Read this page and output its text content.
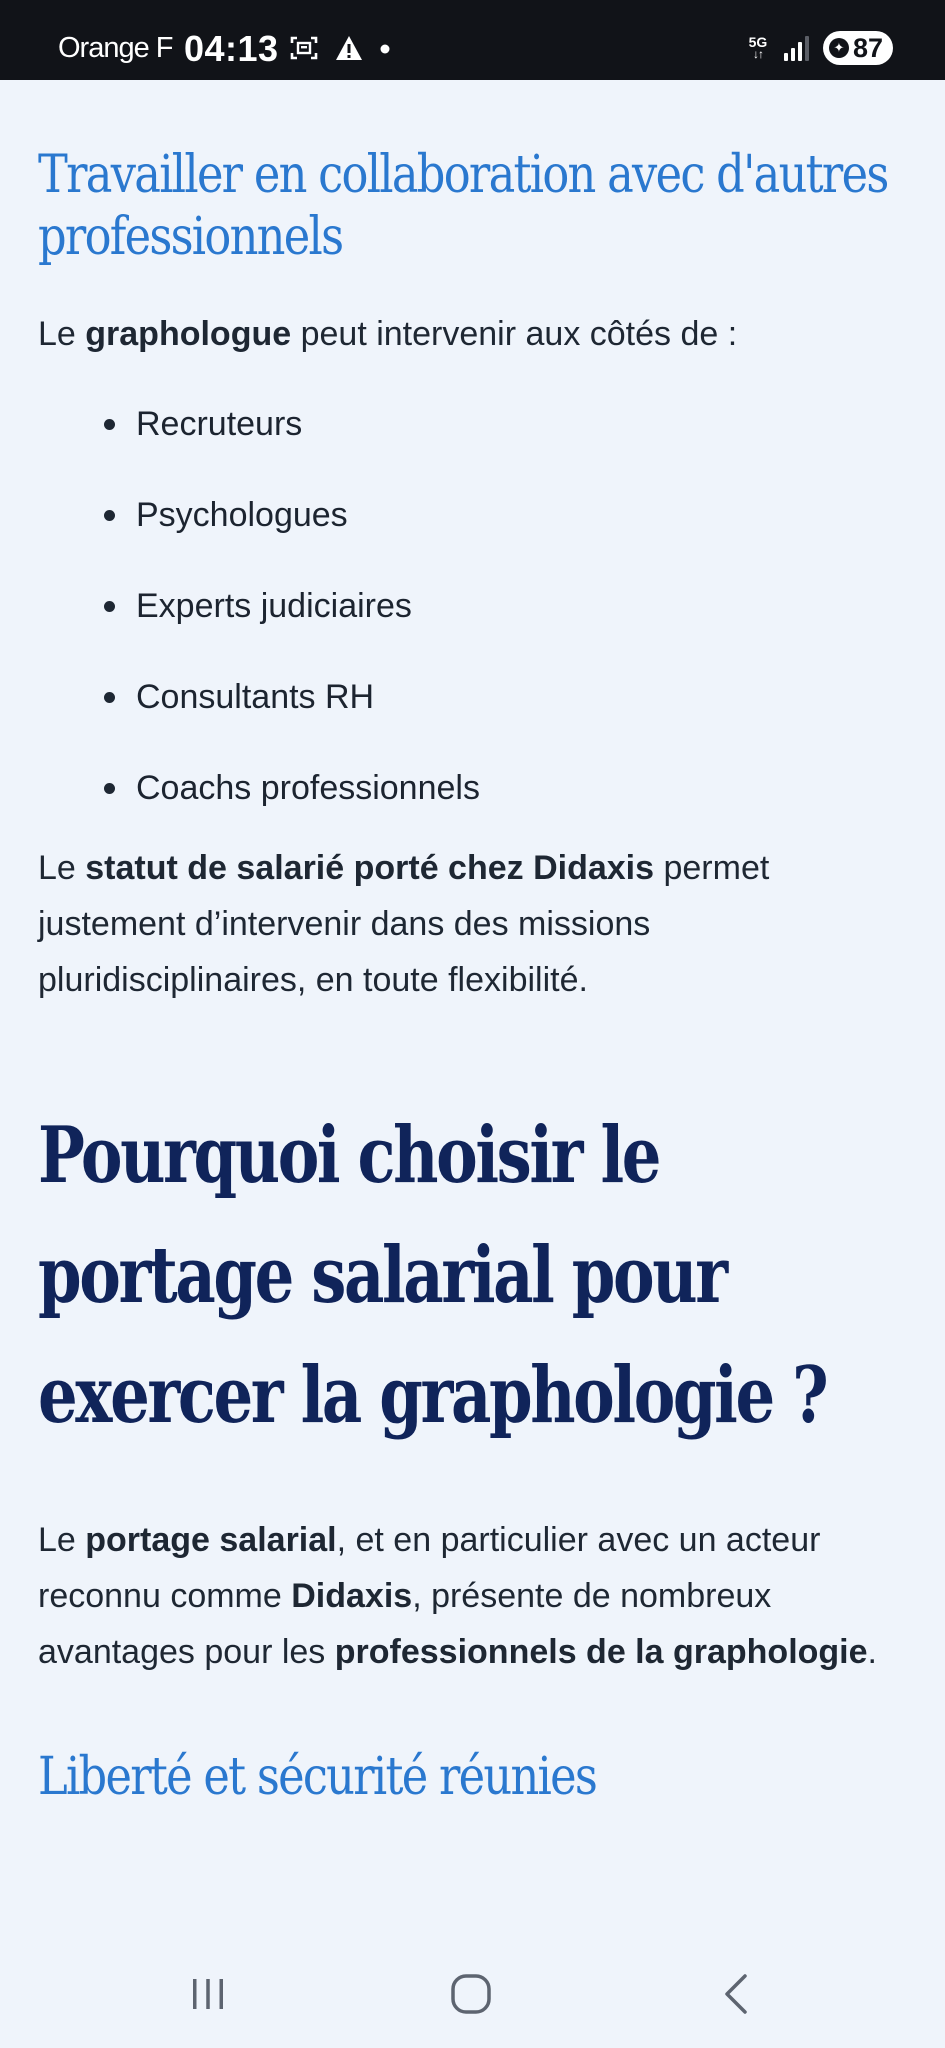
Orange F 04:13	5G
↓↑	✦ 87
Travailler en collaboration avec d'autres professionnels

Le graphologue peut intervenir aux côtés de :

Recruteurs
Psychologues
Experts judiciaires
Consultants RH
Coachs professionnels

Le statut de salarié porté chez Didaxis permet justement d’intervenir dans des missions pluridisciplinaires, en toute flexibilité.

Pourquoi choisir le portage salarial pour exercer la graphologie ?

Le portage salarial, et en particulier avec un acteur reconnu comme Didaxis, présente de nombreux avantages pour les professionnels de la graphologie.

Liberté et sécurité réunies
